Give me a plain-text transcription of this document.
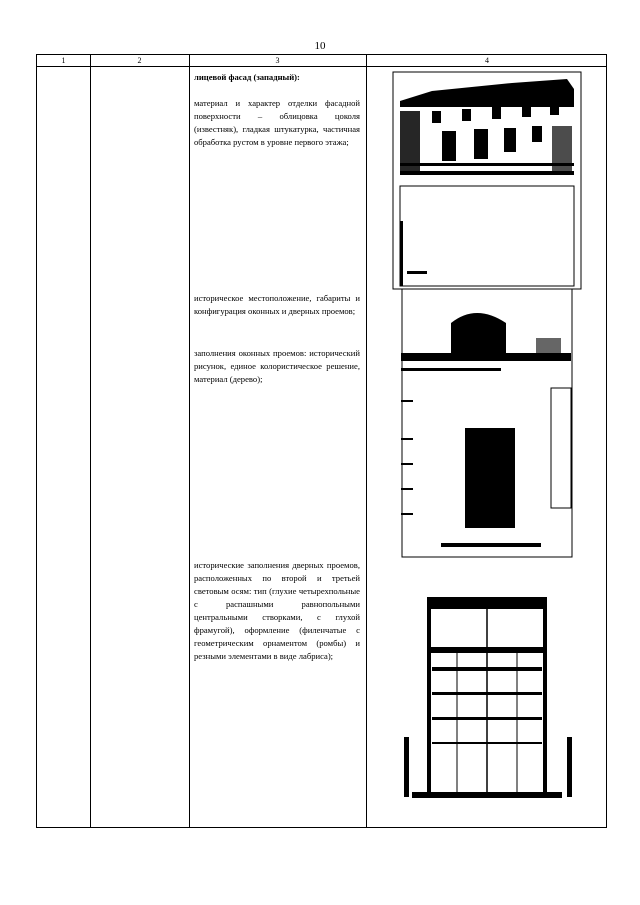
10
1	2	3	4

лицевой фасад (западный):

материал и характер отделки фасадной поверхности – облицовка цоколя (известняк), гладкая штукатурка, частичная обработка рустом в уровне первого этажа;

историческое местоположение, габариты и конфигурация оконных и дверных проемов;

заполнения оконных проемов: исторический рисунок, единое колористическое решение, материал (дерево);

исторические заполнения дверных проемов, расположенных по второй и третьей световым осям: тип (глухие четырехпольные с распашными равнопольными центральными створками, с глухой фрамугой), оформление (филенчатые с геометрическим орнаментом (ромбы) и резными элементами в виде лабриса);
